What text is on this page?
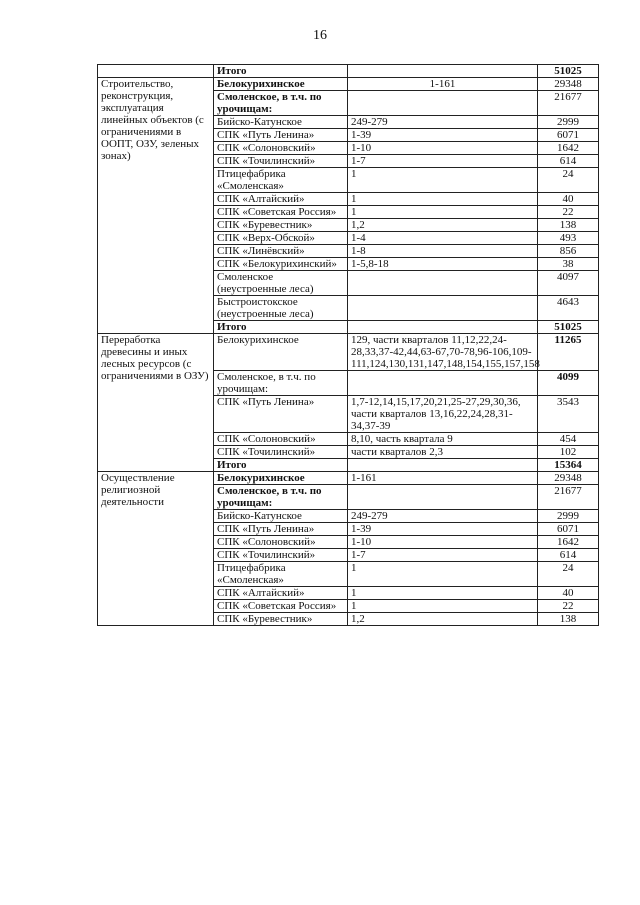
16
	Итого		51025
Строительство, реконструкция, эксплуатация линейных объектов (с ограничениями в ООПТ, ОЗУ, зеленых зонах)	Белокурихинское	1-161	29348
	Смоленское, в т.ч. по урочищам:		21677
	Бийско-Катунское	249-279	2999
	СПК «Путь Ленина»	1-39	6071
	СПК «Солоновский»	1-10	1642
	СПК «Точилинский»	1-7	614
	Птицефабрика «Смоленская»	1	24
	СПК «Алтайский»	1	40
	СПК «Советская Россия»	1	22
	СПК «Буревестник»	1,2	138
	СПК «Верх-Обской»	1-4	493
	СПК «Линёвский»	1-8	856
	СПК «Белокурихинский»	1-5,8-18	38
	Смоленское (неустроенные леса)		4097
	Быстроистокское (неустроенные леса)		4643
	Итого		51025
Переработка древесины и иных лесных ресурсов (с ограничениями в ОЗУ)	Белокурихинское	129, части кварталов 11,12,22,24-28,33,37-42,44,63-67,70-78,96-106,109-111,124,130,131,147,148,154,155,157,158	11265
	Смоленское, в т.ч. по урочищам:		4099
	СПК «Путь Ленина»	1,7-12,14,15,17,20,21,25-27,29,30,36, части кварталов 13,16,22,24,28,31-34,37-39	3543
	СПК «Солоновский»	8,10, часть квартала 9	454
	СПК «Точилинский»	части кварталов 2,3	102
	Итого		15364
Осуществление религиозной деятельности	Белокурихинское	1-161	29348
	Смоленское, в т.ч. по урочищам:		21677
	Бийско-Катунское	249-279	2999
	СПК «Путь Ленина»	1-39	6071
	СПК «Солоновский»	1-10	1642
	СПК «Точилинский»	1-7	614
	Птицефабрика «Смоленская»	1	24
	СПК «Алтайский»	1	40
	СПК «Советская Россия»	1	22
	СПК «Буревестник»	1,2	138
